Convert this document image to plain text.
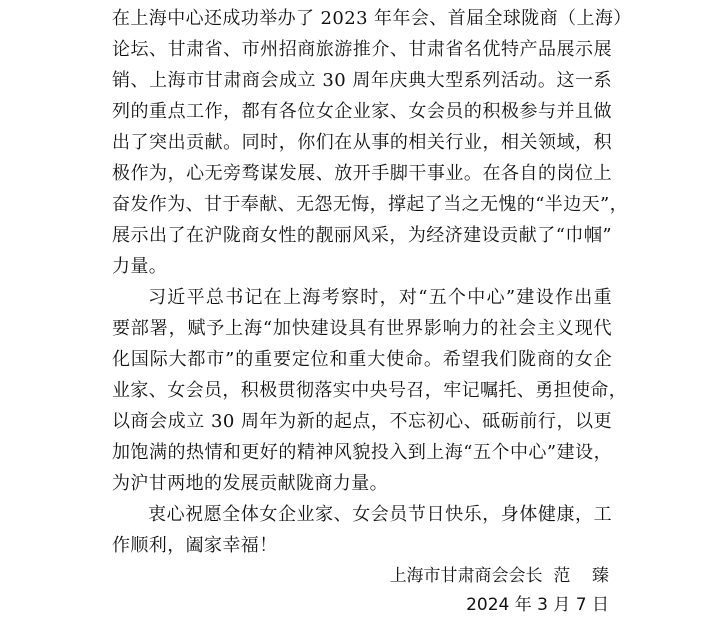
在上海中心还成功举办了 2023 年年会、首届全球陇商（上海）
论坛、甘肃省、市州招商旅游推介、甘肃省名优特产品展示展
销、上海市甘肃商会成立 30 周年庆典大型系列活动。这一系
列的重点工作，都有各位女企业家、女会员的积极参与并且做
出了突出贡献。同时，你们在从事的相关行业，相关领域，积
极作为，心无旁骛谋发展、放开手脚干事业。在各自的岗位上
奋发作为、甘于奉献、无怨无悔，撑起了当之无愧的“半边天”，
展示出了在沪陇商女性的靓丽风采，为经济建设贡献了“巾帼”
力量。
习近平总书记在上海考察时，对“五个中心”建设作出重
要部署，赋予上海“加快建设具有世界影响力的社会主义现代
化国际大都市”的重要定位和重大使命。希望我们陇商的女企
业家、女会员，积极贯彻落实中央号召，牢记嘱托、勇担使命，
以商会成立 30 周年为新的起点，不忘初心、砥砺前行，以更
加饱满的热情和更好的精神风貌投入到上海“五个中心”建设，
为沪甘两地的发展贡献陇商力量。
衷心祝愿全体女企业家、女会员节日快乐，身体健康，工
作顺利，阖家幸福！
上海市甘肃商会会长  范    臻
2024 年 3 月 7 日
